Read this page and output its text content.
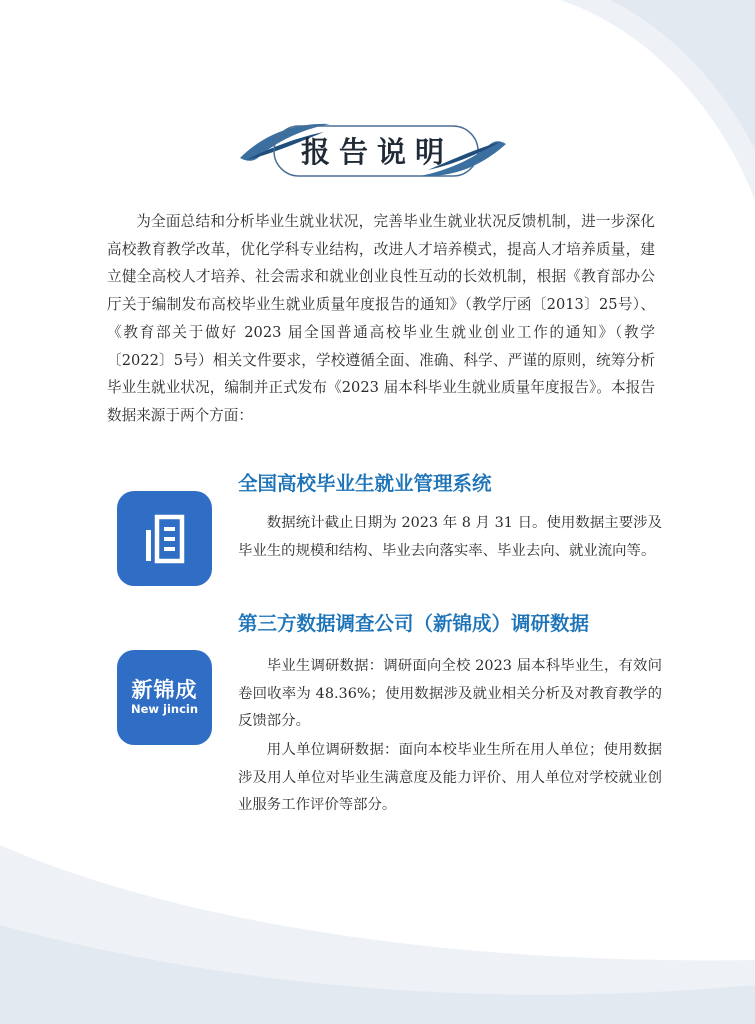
报告说明

为全面总结和分析毕业生就业状况，完善毕业生就业状况反馈机制，进一步深化高校教育教学改革，优化学科专业结构，改进人才培养模式，提高人才培养质量，建立健全高校人才培养、社会需求和就业创业良性互动的长效机制，根据《教育部办公厅关于编制发布高校毕业生就业质量年度报告的通知》（教学厅函〔2013〕25号）、《教育部关于做好 2023 届全国普通高校毕业生就业创业工作的通知》（教学〔2022〕5号）相关文件要求，学校遵循全面、准确、科学、严谨的原则，统筹分析毕业生就业状况，编制并正式发布《2023 届本科毕业生就业质量年度报告》。本报告数据来源于两个方面：

全国高校毕业生就业管理系统

数据统计截止日期为 2023 年 8 月 31 日。使用数据主要涉及毕业生的规模和结构、毕业去向落实率、毕业去向、就业流向等。

第三方数据调查公司（新锦成）调研数据
新锦成
New jincin

毕业生调研数据：调研面向全校 2023 届本科毕业生，有效问卷回收率为 48.36%；使用数据涉及就业相关分析及对教育教学的反馈部分。

用人单位调研数据：面向本校毕业生所在用人单位；使用数据涉及用人单位对毕业生满意度及能力评价、用人单位对学校就业创业服务工作评价等部分。
